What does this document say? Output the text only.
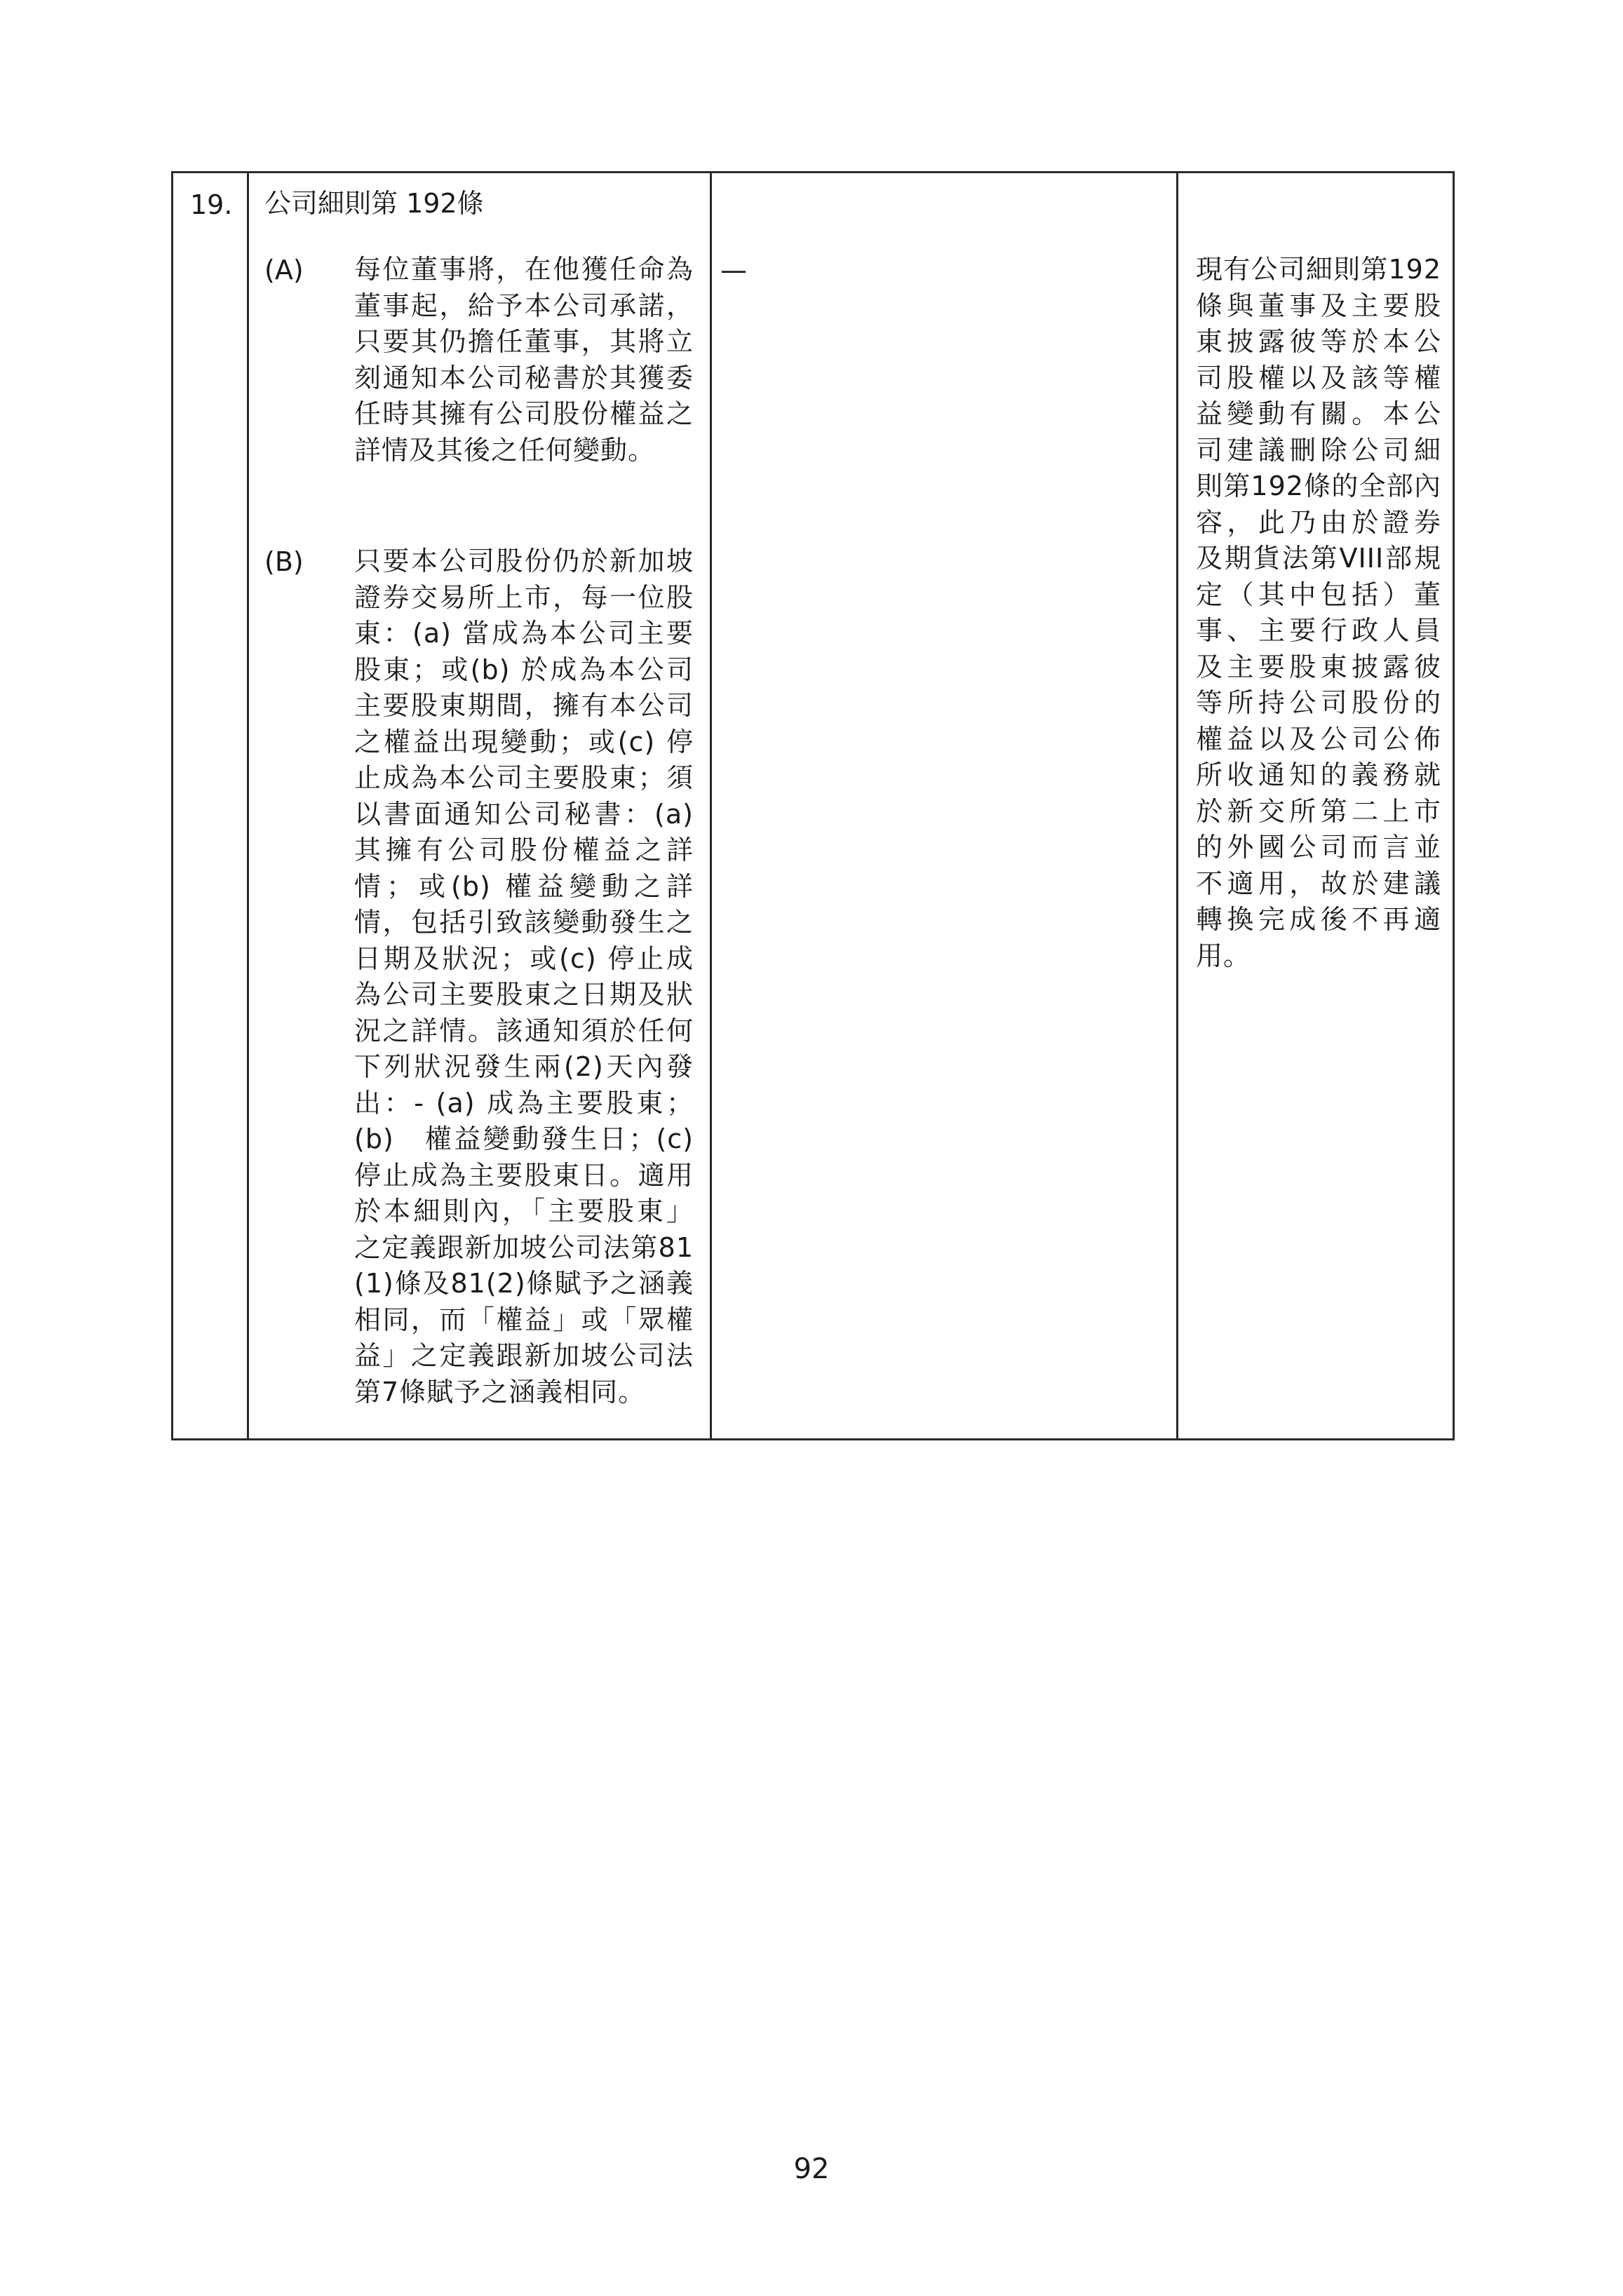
19. 公司細則第 192條
(A) 每位董事將，在他獲任命為董事起，給予本公司承諾，只要其仍擔任董事，其將立刻通知本公司秘書於其獲委任時其擁有公司股份權益之詳情及其後之任何變動。
(B) 只要本公司股份仍於新加坡證券交易所上市，每一位股東：(a) 當成為本公司主要股東；或(b) 於成為本公司主要股東期間，擁有本公司之權益出現變動；或(c) 停止成為本公司主要股東；須以書面通知公司秘書：(a) 其擁有公司股份權益之詳情；或(b) 權益變動之詳情，包括引致該變動發生之日期及狀況；或(c) 停止成為公司主要股東之日期及狀況之詳情。該通知須於任何下列狀況發生兩(2)天內發出：- (a) 成為主要股東；(b)　權益變動發生日；(c)　停止成為主要股東日。適用於本細則內，「主要股東」之定義跟新加坡公司法第81(1)條及81(2)條賦予之涵義相同，而「權益」或「眾權益」之定義跟新加坡公司法第7條賦予之涵義相同。
—	現有公司細則第192條與董事及主要股東披露彼等於本公司股權以及該等權益變動有關。本公司建議刪除公司細則第192條的全部內容，此乃由於證券及期貨法第VIII部規定（其中包括）董事、主要行政人員及主要股東披露彼等所持公司股份的權益以及公司公佈所收通知的義務就於新交所第二上市的外國公司而言並不適用，故於建議轉換完成後不再適用。
92
